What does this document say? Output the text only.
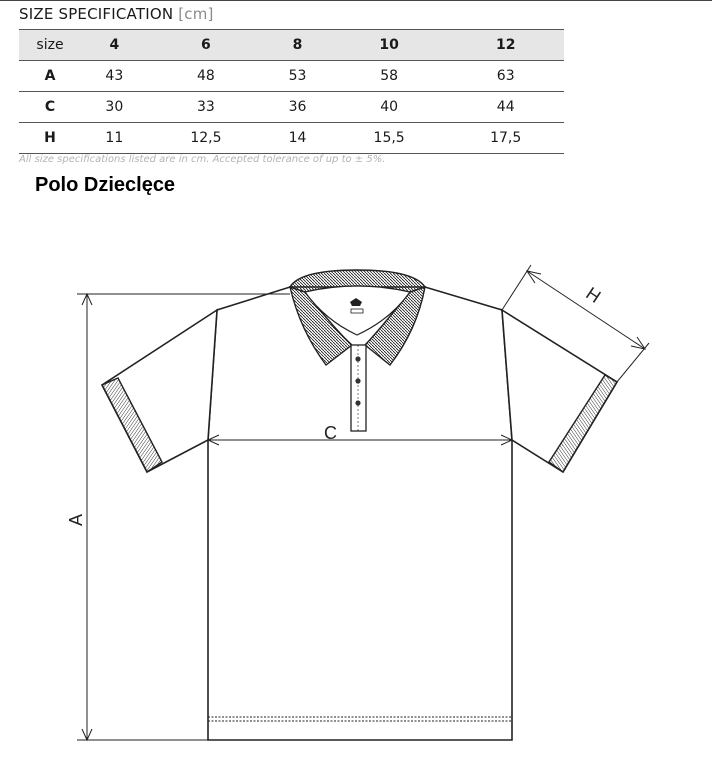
SIZE SPECIFICATION [cm]
size	4	6	8	10	12
A	43	48	53	58	63
C	30	33	36	40	44
H	11	12,5	14	15,5	17,5
All size specifications listed are in cm. Accepted tolerance of up to ± 5%.
Polo Dzieclęce
A
C
H
